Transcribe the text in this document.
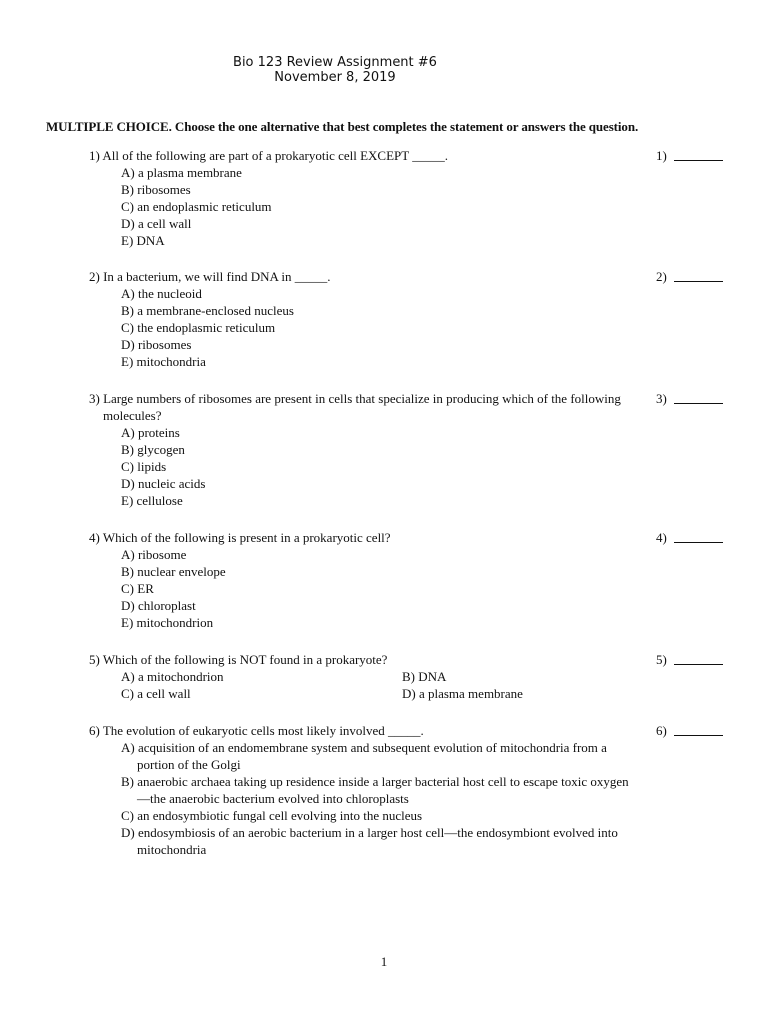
Bio 123 Review Assignment #6
November 8, 2019
MULTIPLE CHOICE. Choose the one alternative that best completes the statement or answers the question.
1) All of the following are part of a prokaryotic cell EXCEPT _____.
A) a plasma membrane
B) ribosomes
C) an endoplasmic reticulum
D) a cell wall
E) DNA
1)
2) In a bacterium, we will find DNA in _____.
A) the nucleoid
B) a membrane-enclosed nucleus
C) the endoplasmic reticulum
D) ribosomes
E) mitochondria
2)
3) Large numbers of ribosomes are present in cells that specialize in producing which of the following molecules?
A) proteins
B) glycogen
C) lipids
D) nucleic acids
E) cellulose
3)
4) Which of the following is present in a prokaryotic cell?
A) ribosome
B) nuclear envelope
C) ER
D) chloroplast
E) mitochondrion
4)
5) Which of the following is NOT found in a prokaryote?
A) a mitochondrion	B) DNA
C) a cell wall	D) a plasma membrane
5)
6) The evolution of eukaryotic cells most likely involved _____.
A) acquisition of an endomembrane system and subsequent evolution of mitochondria from a portion of the Golgi
B) anaerobic archaea taking up residence inside a larger bacterial host cell to escape toxic oxygen—the anaerobic bacterium evolved into chloroplasts
C) an endosymbiotic fungal cell evolving into the nucleus
D) endosymbiosis of an aerobic bacterium in a larger host cell—the endosymbiont evolved into mitochondria
6)
1
